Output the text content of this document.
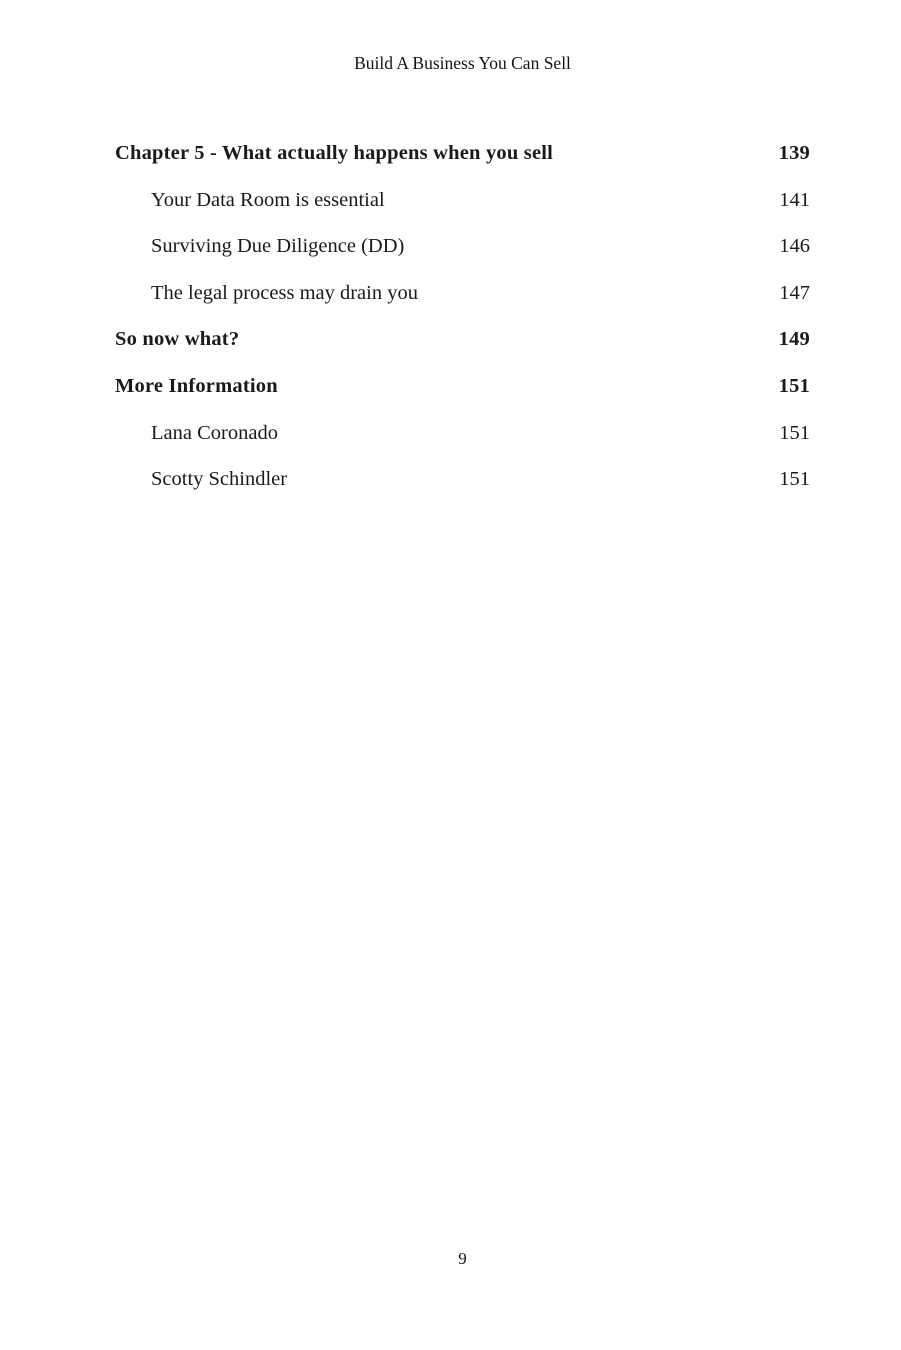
Build A Business You Can Sell
Chapter 5 - What actually happens when you sell	139
Your Data Room is essential	141
Surviving Due Diligence (DD)	146
The legal process may drain you	147
So now what?	149
More Information	151
Lana Coronado	151
Scotty Schindler	151
9
